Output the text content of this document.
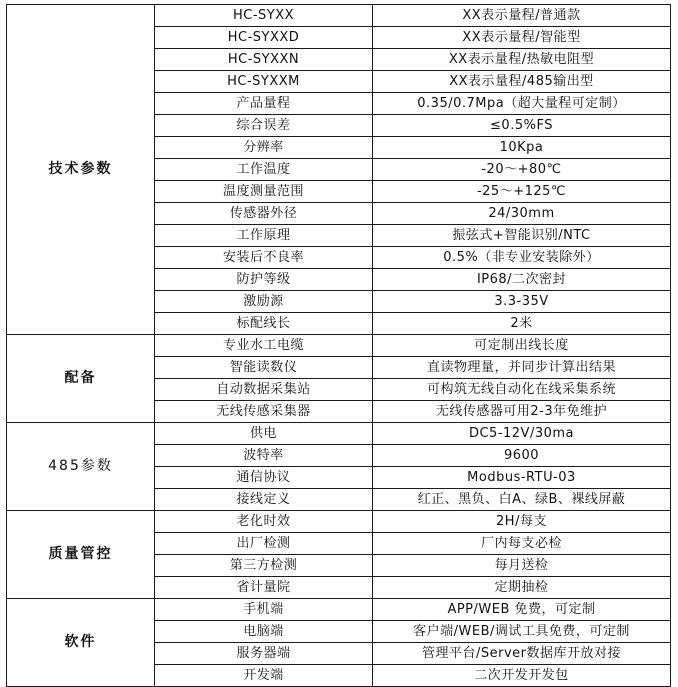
技术参数	HC-SYXX	XX表示量程/普通款
	HC-SYXXD	XX表示量程/智能型
	HC-SYXXN	XX表示量程/热敏电阻型
	HC-SYXXM	XX表示量程/485输出型
	产品量程	0.35/0.7Mpa（超大量程可定制）
	综合误差	≤0.5%FS
	分辨率	10Kpa
	工作温度	-20～+80℃
	温度测量范围	-25～+125℃
	传感器外径	24/30mm
	工作原理	振弦式+智能识别/NTC
	安装后不良率	0.5%（非专业安装除外）
	防护等级	IP68/二次密封
	激励源	3.3-35V
	标配线长	2米
配备	专业水工电缆	可定制出线长度
	智能读数仪	直读物理量，并同步计算出结果
	自动数据采集站	可构筑无线自动化在线采集系统
	无线传感采集器	无线传感器可用2-3年免维护
485参数	供电	DC5-12V/30ma
	波特率	9600
	通信协议	Modbus-RTU-03
	接线定义	红正、黑负、白A、绿B、裸线屏蔽
质量管控	老化时效	2H/每支
	出厂检测	厂内每支必检
	第三方检测	每月送检
	省计量院	定期抽检
软件	手机端	APP/WEB 免费，可定制
	电脑端	客户端/WEB/调试工具免费，可定制
	服务器端	管理平台/Server数据库开放对接
	开发端	二次开发开发包
